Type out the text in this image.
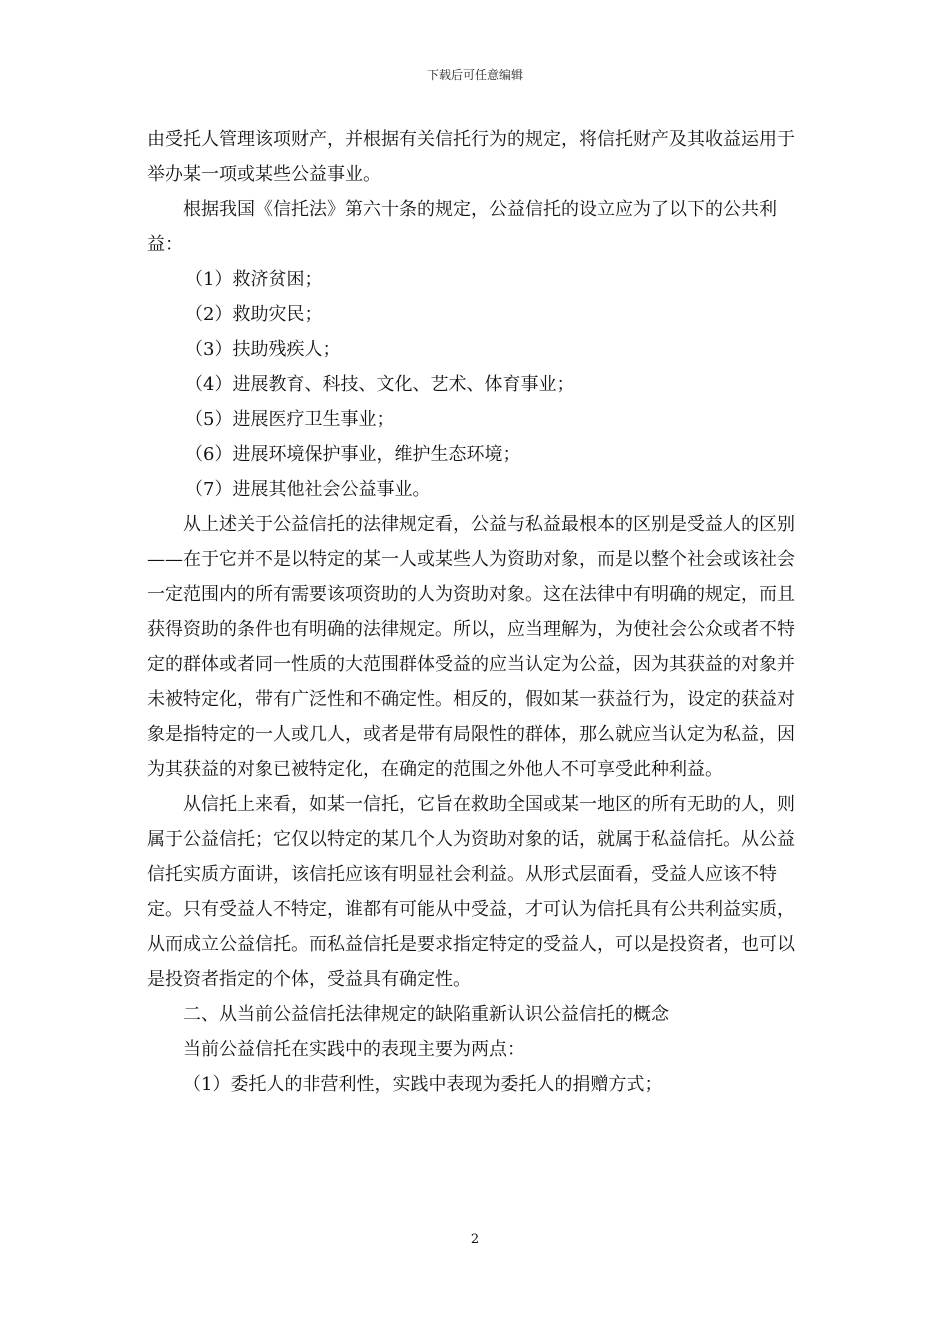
下载后可任意编辑

由受托人管理该项财产，并根据有关信托行为的规定，将信托财产及其收益运用于举办某一项或某些公益事业。

根据我国《信托法》第六十条的规定，公益信托的设立应为了以下的公共利益：

（1）救济贫困；

（2）救助灾民；

（3）扶助残疾人；

（4）进展教育、科技、文化、艺术、体育事业；

（5）进展医疗卫生事业；

（6）进展环境保护事业，维护生态环境；

（7）进展其他社会公益事业。

从上述关于公益信托的法律规定看，公益与私益最根本的区别是受益人的区别——在于它并不是以特定的某一人或某些人为资助对象，而是以整个社会或该社会一定范围内的所有需要该项资助的人为资助对象。这在法律中有明确的规定，而且获得资助的条件也有明确的法律规定。所以，应当理解为，为使社会公众或者不特定的群体或者同一性质的大范围群体受益的应当认定为公益，因为其获益的对象并未被特定化，带有广泛性和不确定性。相反的，假如某一获益行为，设定的获益对象是指特定的一人或几人，或者是带有局限性的群体，那么就应当认定为私益，因为其获益的对象已被特定化，在确定的范围之外他人不可享受此种利益。

从信托上来看，如某一信托，它旨在救助全国或某一地区的所有无助的人，则属于公益信托；它仅以特定的某几个人为资助对象的话，就属于私益信托。从公益信托实质方面讲，该信托应该有明显社会利益。从形式层面看，受益人应该不特定。只有受益人不特定，谁都有可能从中受益，才可认为信托具有公共利益实质，从而成立公益信托。而私益信托是要求指定特定的受益人，可以是投资者，也可以是投资者指定的个体，受益具有确定性。

二、从当前公益信托法律规定的缺陷重新认识公益信托的概念

当前公益信托在实践中的表现主要为两点：

（1）委托人的非营利性，实践中表现为委托人的捐赠方式；

2
